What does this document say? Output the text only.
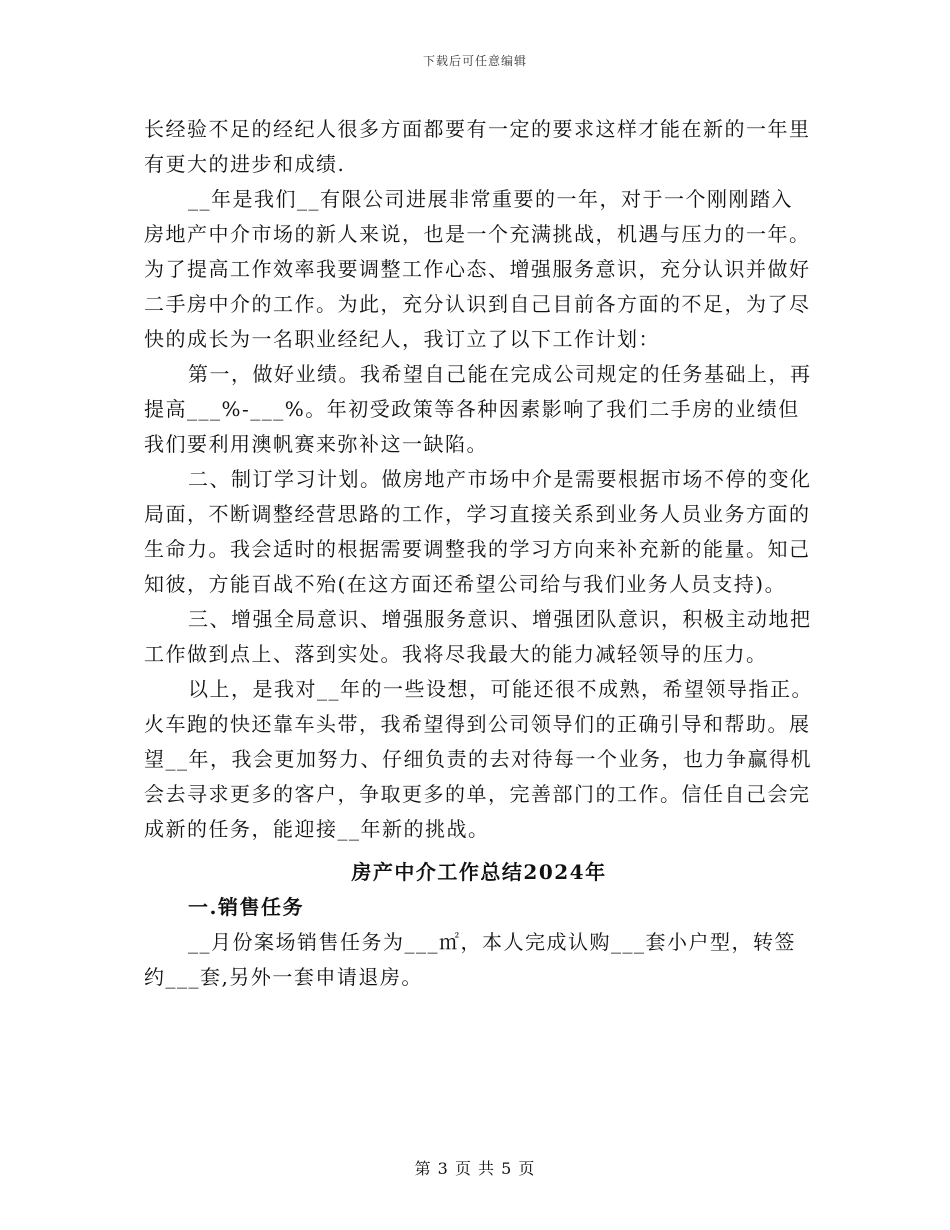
下载后可任意编辑

长经验不足的经纪人很多方面都要有一定的要求这样才能在新的一年里有更大的进步和成绩.

__年是我们__有限公司进展非常重要的一年，对于一个刚刚踏入房地产中介市场的新人来说，也是一个充满挑战，机遇与压力的一年。为了提高工作效率我要调整工作心态、增强服务意识，充分认识并做好二手房中介的工作。为此，充分认识到自己目前各方面的不足，为了尽快的成长为一名职业经纪人，我订立了以下工作计划：

第一，做好业绩。我希望自己能在完成公司规定的任务基础上，再提高___%-___%。年初受政策等各种因素影响了我们二手房的业绩但我们要利用澳帆赛来弥补这一缺陷。

二、制订学习计划。做房地产市场中介是需要根据市场不停的变化局面，不断调整经营思路的工作，学习直接关系到业务人员业务方面的生命力。我会适时的根据需要调整我的学习方向来补充新的能量。知己知彼，方能百战不殆(在这方面还希望公司给与我们业务人员支持)。

三、增强全局意识、增强服务意识、增强团队意识，积极主动地把工作做到点上、落到实处。我将尽我最大的能力减轻领导的压力。

以上，是我对__年的一些设想，可能还很不成熟，希望领导指正。火车跑的快还靠车头带，我希望得到公司领导们的正确引导和帮助。展望__年，我会更加努力、仔细负责的去对待每一个业务，也力争赢得机会去寻求更多的客户，争取更多的单，完善部门的工作。信任自己会完成新的任务，能迎接__年新的挑战。

房产中介工作总结2024年

一.销售任务

__月份案场销售任务为___㎡，本人完成认购___套小户型，转签约___套,另外一套申请退房。

第 3 页 共 5 页
